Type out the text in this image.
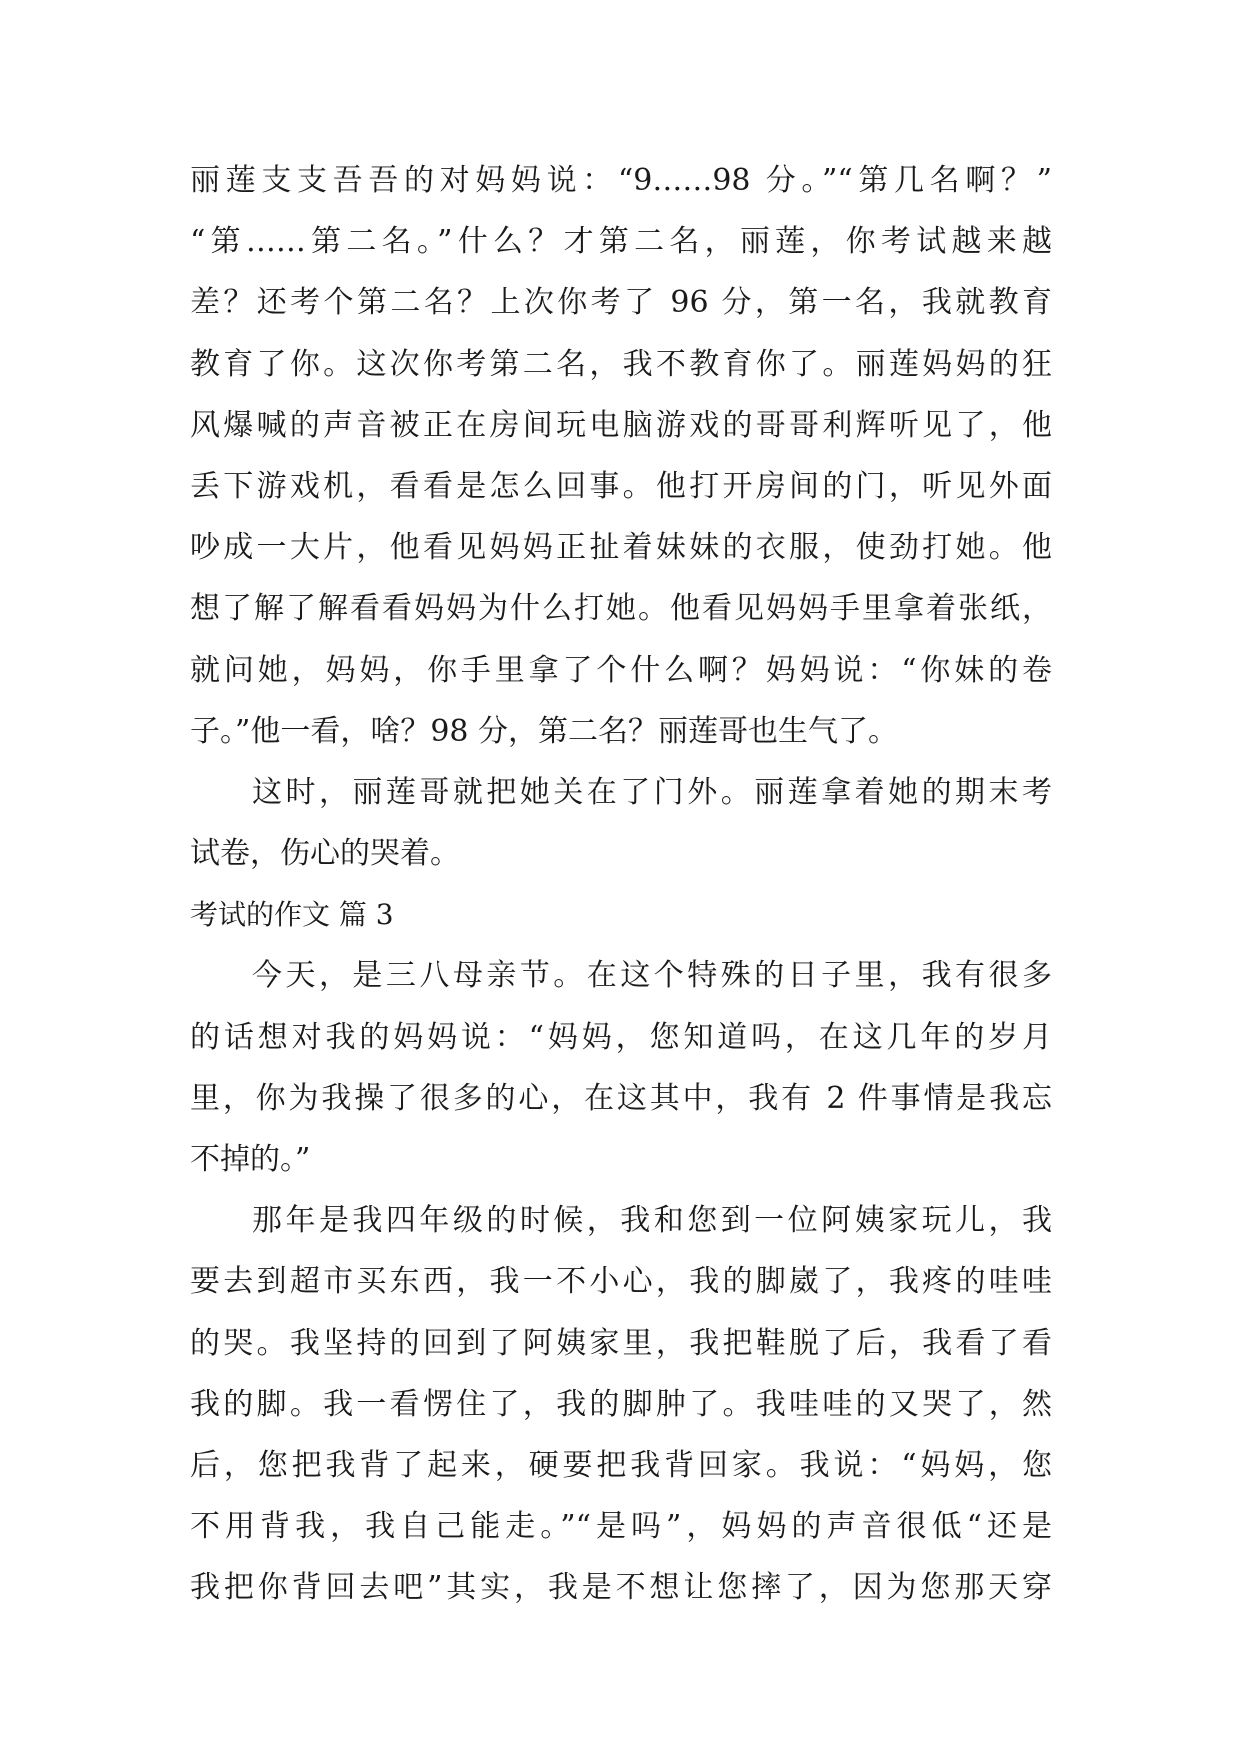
丽莲支支吾吾的对妈妈说：“9……98 分。”“第几名啊？”
“第……第二名。”什么？才第二名，丽莲，你考试越来越
差？还考个第二名？上次你考了 96 分，第一名，我就教育
教育了你。这次你考第二名，我不教育你了。丽莲妈妈的狂
风爆喊的声音被正在房间玩电脑游戏的哥哥利辉听见了，他
丢下游戏机，看看是怎么回事。他打开房间的门，听见外面
吵成一大片，他看见妈妈正扯着妹妹的衣服，使劲打她。他
想了解了解看看妈妈为什么打她。他看见妈妈手里拿着张纸，
就问她，妈妈，你手里拿了个什么啊？妈妈说：“你妹的卷
子。”他一看，啥？98 分，第二名？丽莲哥也生气了。
这时，丽莲哥就把她关在了门外。丽莲拿着她的期末考
试卷，伤心的哭着。
考试的作文 篇 3
今天，是三八母亲节。在这个特殊的日子里，我有很多
的话想对我的妈妈说：“妈妈，您知道吗，在这几年的岁月
里，你为我操了很多的心，在这其中，我有 2 件事情是我忘
不掉的。”
那年是我四年级的时候，我和您到一位阿姨家玩儿，我
要去到超市买东西，我一不小心，我的脚崴了，我疼的哇哇
的哭。我坚持的回到了阿姨家里，我把鞋脱了后，我看了看
我的脚。我一看愣住了，我的脚肿了。我哇哇的又哭了，然
后，您把我背了起来，硬要把我背回家。我说：“妈妈，您
不用背我，我自己能走。”“是吗”，妈妈的声音很低“还是
我把你背回去吧”其实，我是不想让您摔了，因为您那天穿
